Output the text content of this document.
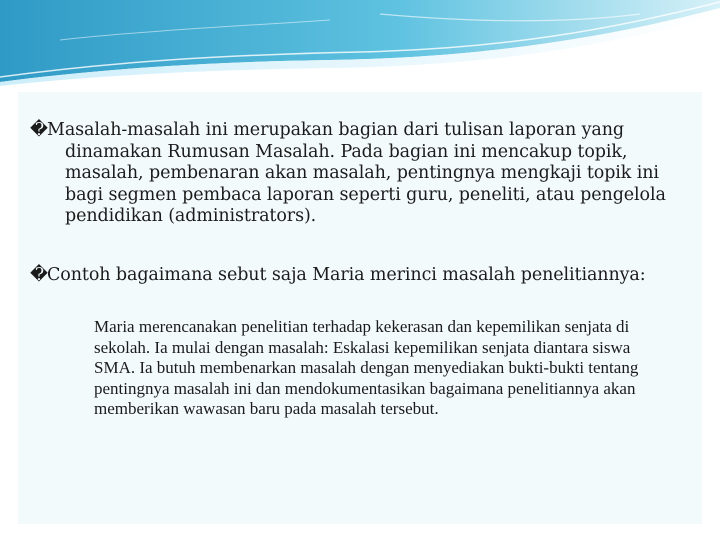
� Masalah-masalah ini merupakan bagian dari tulisan laporan yang dinamakan Rumusan Masalah. Pada bagian ini mencakup topik, masalah, pembenaran akan masalah, pentingnya mengkaji topik ini bagi segmen pembaca laporan seperti guru, peneliti, atau pengelola pendidikan (administrators).

� Contoh bagaimana sebut saja Maria merinci masalah penelitiannya:

Maria merencanakan penelitian terhadap kekerasan dan kepemilikan senjata di sekolah. Ia mulai dengan masalah: Eskalasi kepemilikan senjata diantara siswa SMA. Ia butuh membenarkan masalah dengan menyediakan bukti-bukti tentang pentingnya masalah ini dan mendokumentasikan bagaimana penelitiannya akan memberikan wawasan baru pada masalah tersebut.
